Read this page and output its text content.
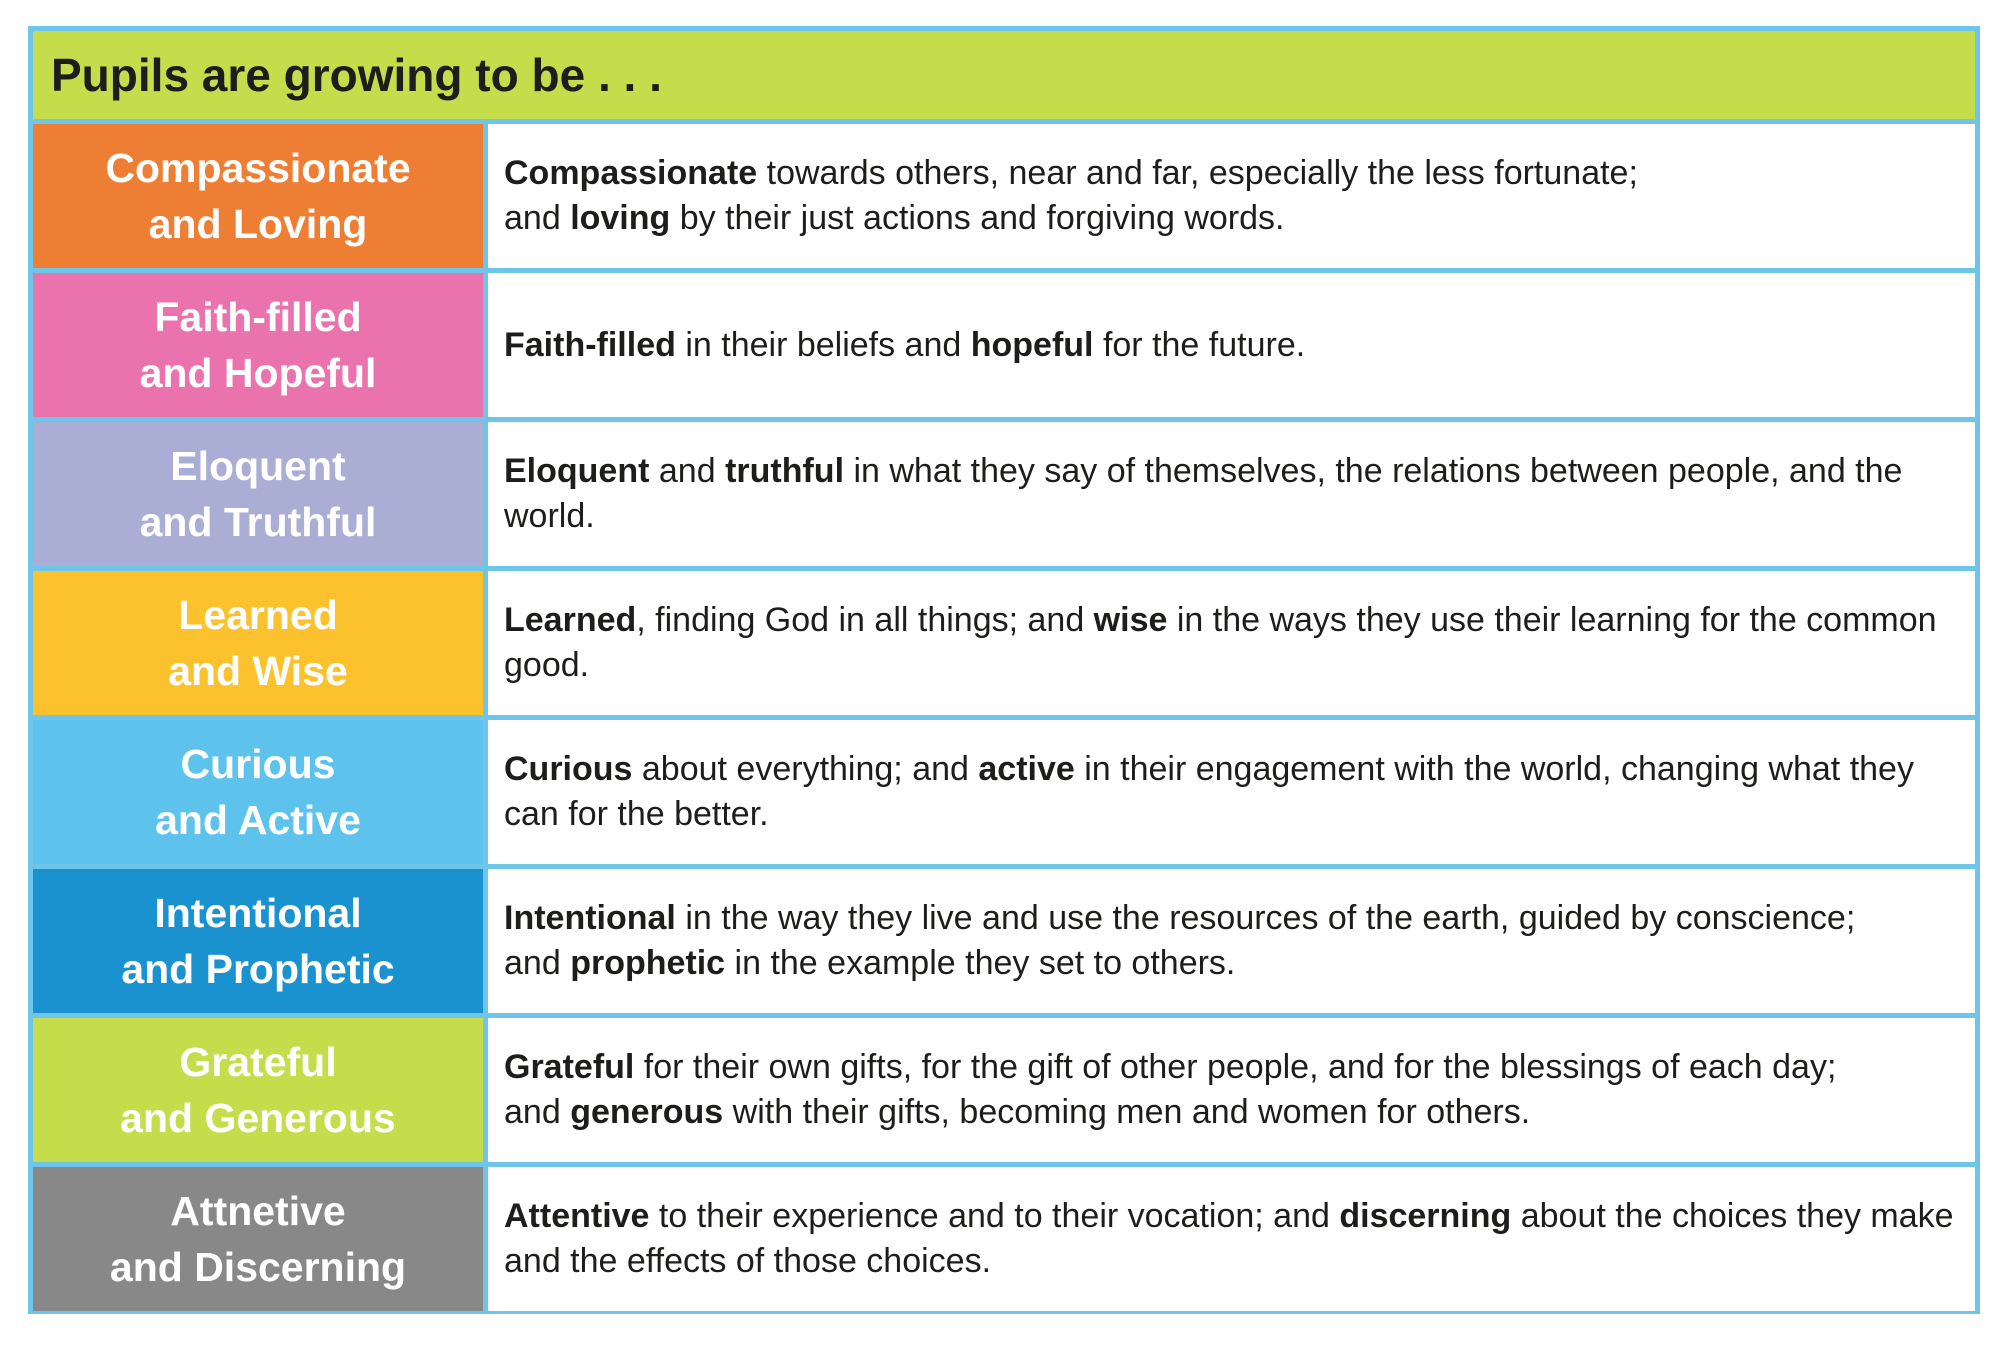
Pupils are growing to be . . .
Compassionate
and Loving
Compassionate towards others, near and far, especially the less fortunate;
and loving by their just actions and forgiving words.
Faith-filled
and Hopeful
Faith-filled in their beliefs and hopeful for the future.
Eloquent
and Truthful
Eloquent and truthful in what they say of themselves, the relations between people, and the world.
Learned
and Wise
Learned, finding God in all things; and wise in the ways they use their learning for the common good.
Curious
and Active
Curious about everything; and active in their engagement with the world, changing what they can for the better.
Intentional
and Prophetic
Intentional in the way they live and use the resources of the earth, guided by conscience;
and prophetic in the example they set to others.
Grateful
and Generous
Grateful for their own gifts, for the gift of other people, and for the blessings of each day;
and generous with their gifts, becoming men and women for others.
Attnetive
and Discerning
Attentive to their experience and to their vocation; and discerning about the choices they make and the effects of those choices.
